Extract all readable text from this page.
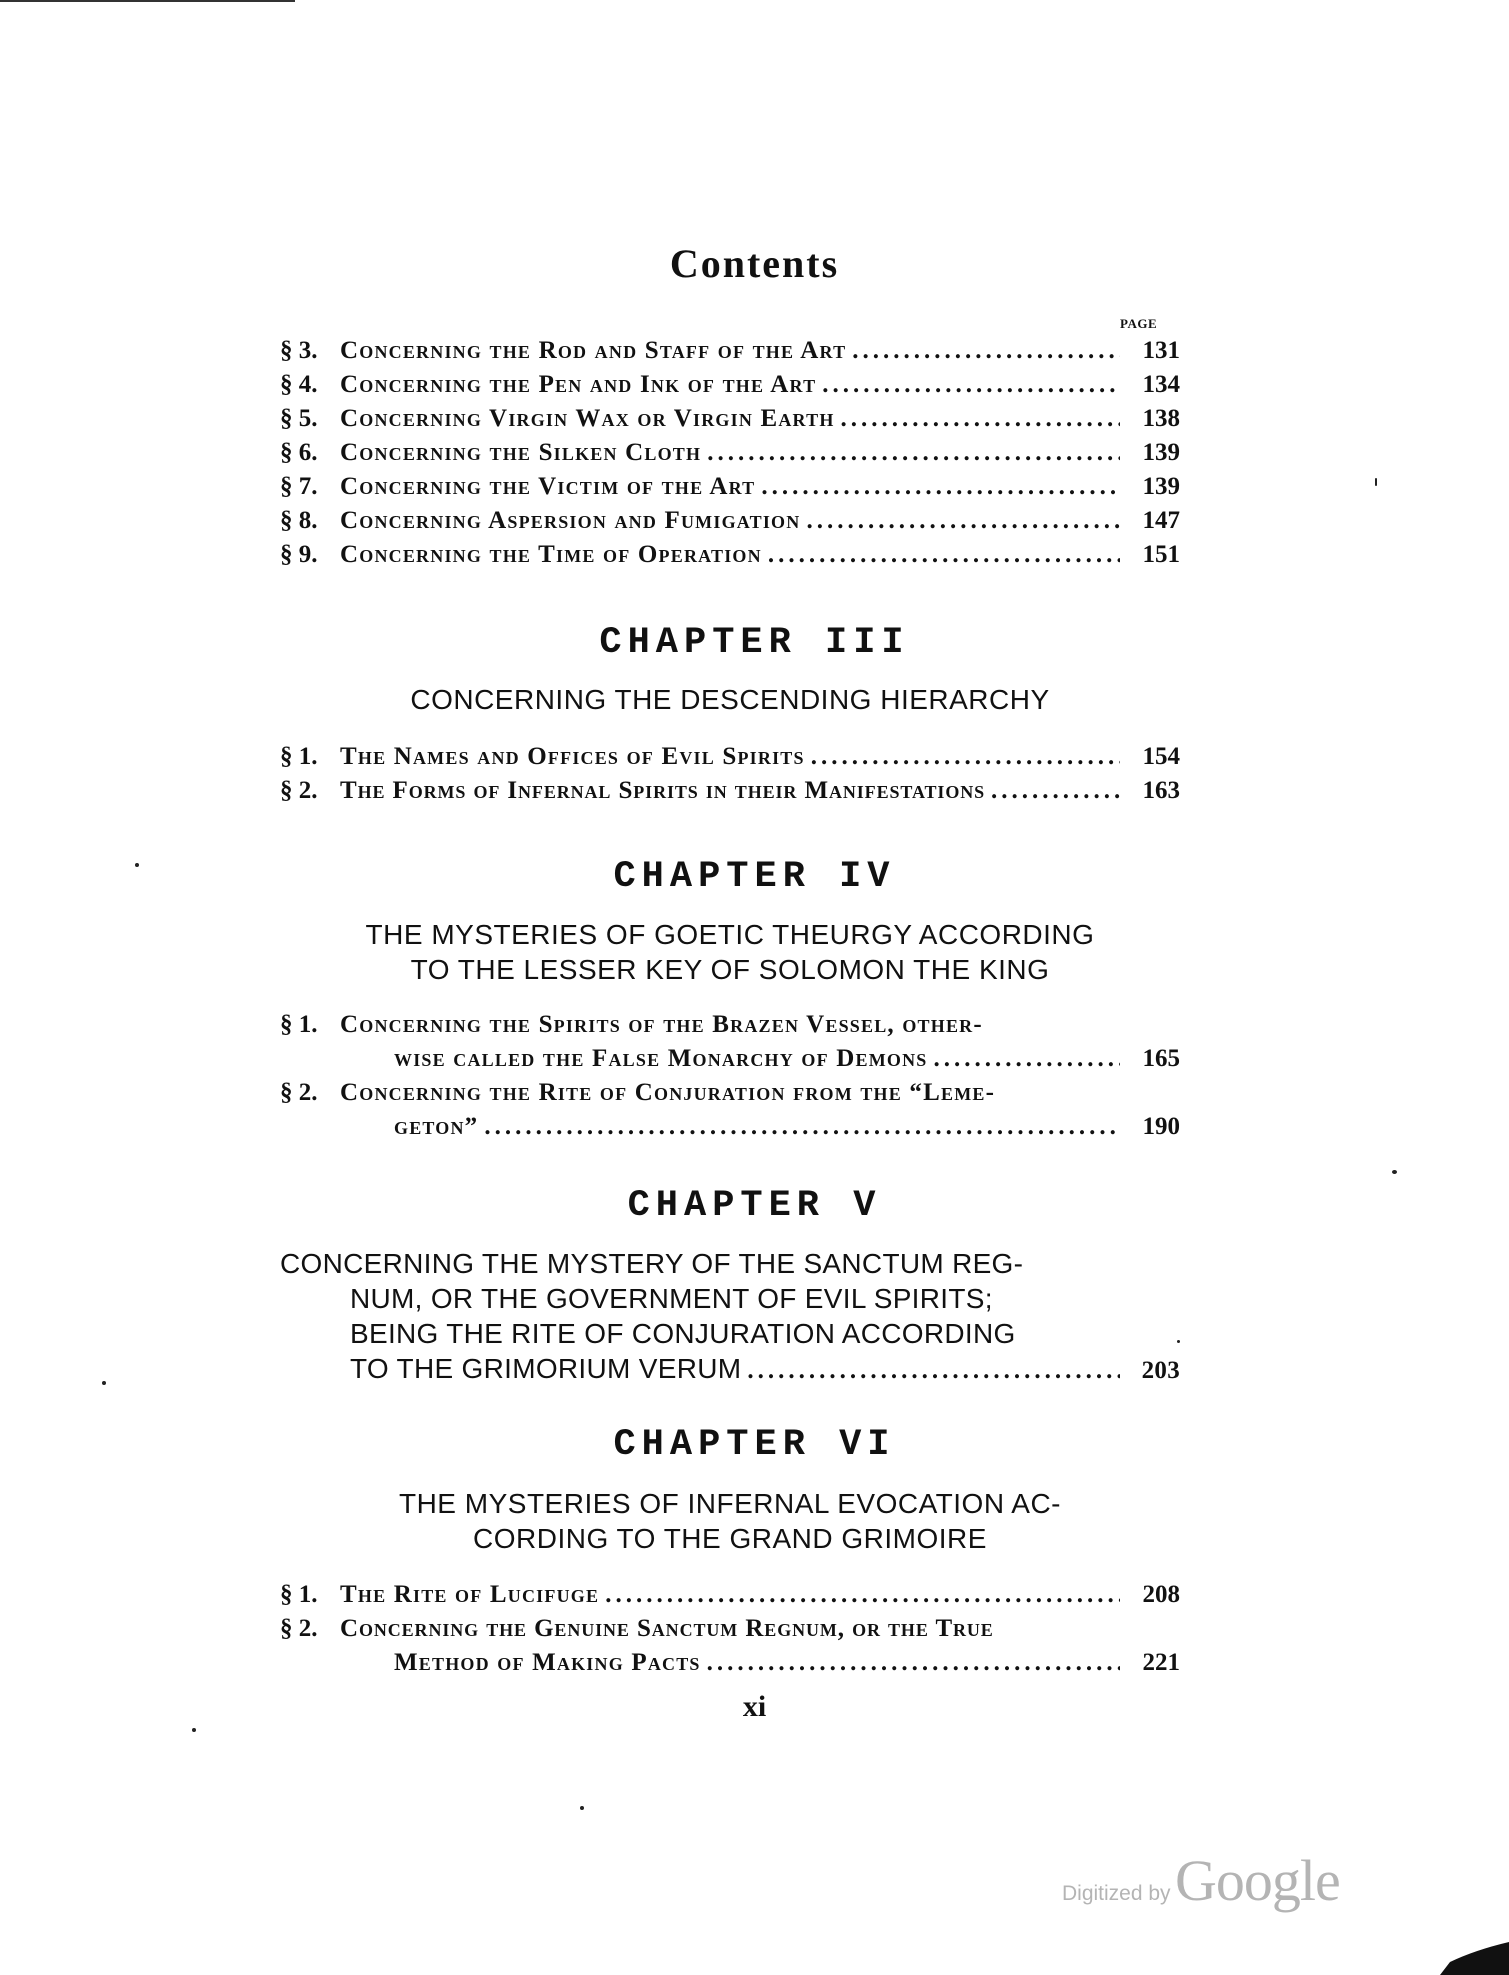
Contents
PAGE
§ 3. Concerning the Rod and Staff of the Art .....	131
§ 4. Concerning the Pen and Ink of the Art .....	134
§ 5. Concerning Virgin Wax or Virgin Earth .....	138
§ 6. Concerning the Silken Cloth .....	139
§ 7. Concerning the Victim of the Art .....	139
§ 8. Concerning Aspersion and Fumigation .....	147
§ 9. Concerning the Time of Operation .....	151
CHAPTER III
CONCERNING THE DESCENDING HIERARCHY
§ 1. The Names and Offices of Evil Spirits .....	154
§ 2. The Forms of Infernal Spirits in their Manifestations .....	163
CHAPTER IV
THE MYSTERIES OF GOETIC THEURGY ACCORDING
TO THE LESSER KEY OF SOLOMON THE KING
§ 1. Concerning the Spirits of the Brazen Vessel, other-
wise called the False Monarchy of Demons .....	165
§ 2. Concerning the Rite of Conjuration from the “Leme-
geton” .....	190
CHAPTER V
CONCERNING THE MYSTERY OF THE SANCTUM REG-
NUM, OR THE GOVERNMENT OF EVIL SPIRITS;
BEING THE RITE OF CONJURATION ACCORDING
TO THE GRIMORIUM VERUM .....	203
CHAPTER VI
THE MYSTERIES OF INFERNAL EVOCATION AC-
CORDING TO THE GRAND GRIMOIRE
§ 1. The Rite of Lucifuge .....	208
§ 2. Concerning the Genuine Sanctum Regnum, or the True
Method of Making Pacts .....	221
xi
Digitized by Google
